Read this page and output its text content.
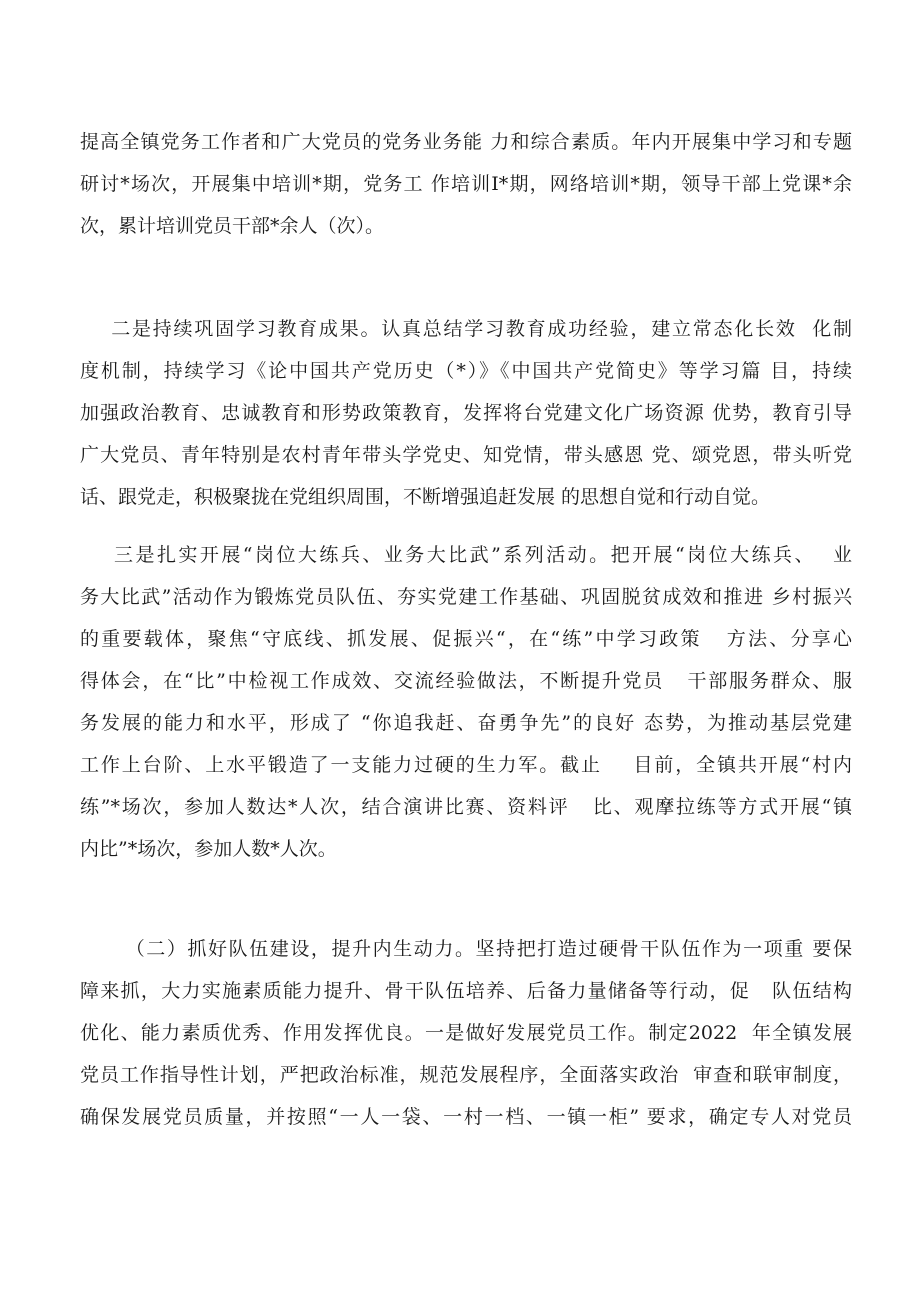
提高全镇党务工作者和广大党员的党务业务能 力和综合素质。年内开展集中学习和专题
研讨*场次，开展集中培训*期，党务工 作培训I*期，网络培训*期，领导干部上党课*余
次，累计培训党员干部*余人（次）。
二是持续巩固学习教育成果。认真总结学习教育成功经验，建立常态化长效  化制
度机制，持续学习《论中国共产党历史（*）》《中国共产党简史》等学习篇 目，持续
加强政治教育、忠诚教育和形势政策教育，发挥将台党建文化广场资源 优势，教育引导
广大党员、青年特别是农村青年带头学党史、知党情，带头感恩 党、颂党恩，带头听党
话、跟党走，积极聚拢在党组织周围，不断增强追赶发展 的思想自觉和行动自觉。
三是扎实开展“岗位大练兵、业务大比武”系列活动。把开展“岗位大练兵、  业
务大比武”活动作为锻炼党员队伍、夯实党建工作基础、巩固脱贫成效和推进 乡村振兴
的重要载体，聚焦“守底线、抓发展、促振兴“，在“练”中学习政策   方法、分享心
得体会，在“比”中检视工作成效、交流经验做法，不断提升党员   干部服务群众、服
务发展的能力和水平，形成了 “你追我赶、奋勇争先”的良好 态势，为推动基层党建
工作上台阶、上水平锻造了一支能力过硬的生力军。截止    目前，全镇共开展“村内
练”*场次，参加人数达*人次，结合演讲比赛、资料评   比、观摩拉练等方式开展“镇
内比”*场次，参加人数*人次。
（二）抓好队伍建设，提升内生动力。坚持把打造过硬骨干队伍作为一项重 要保
障来抓，大力实施素质能力提升、骨干队伍培养、后备力量储备等行动，促   队伍结构
优化、能力素质优秀、作用发挥优良。一是做好发展党员工作。制定2022  年全镇发展
党员工作指导性计划，严把政治标准，规范发展程序，全面落实政治  审查和联审制度，
确保发展党员质量，并按照“一人一袋、一村一档、一镇一柜” 要求，确定专人对党员
